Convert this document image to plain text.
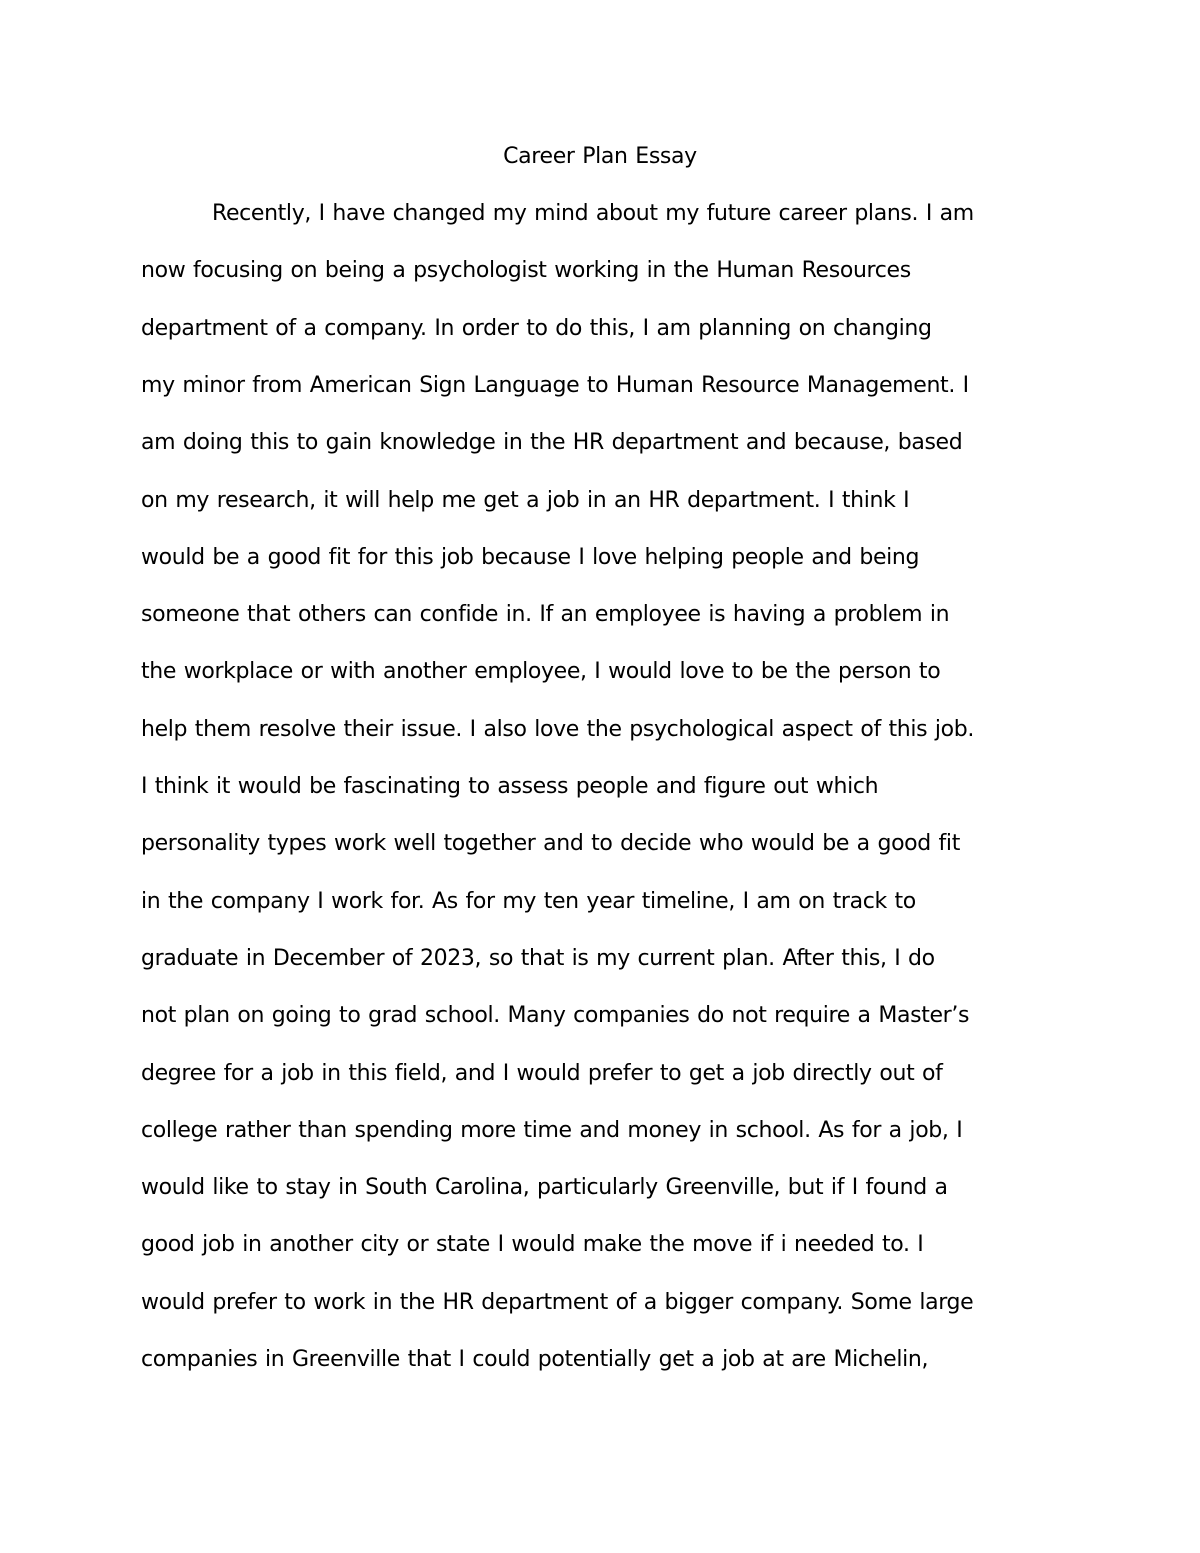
Career Plan Essay
Recently, I have changed my mind about my future career plans. I am
now focusing on being a psychologist working in the Human Resources
department of a company. In order to do this, I am planning on changing
my minor from American Sign Language to Human Resource Management. I
am doing this to gain knowledge in the HR department and because, based
on my research, it will help me get a job in an HR department. I think I
would be a good fit for this job because I love helping people and being
someone that others can confide in. If an employee is having a problem in
the workplace or with another employee, I would love to be the person to
help them resolve their issue. I also love the psychological aspect of this job.
I think it would be fascinating to assess people and figure out which
personality types work well together and to decide who would be a good fit
in the company I work for. As for my ten year timeline, I am on track to
graduate in December of 2023, so that is my current plan. After this, I do
not plan on going to grad school. Many companies do not require a Master’s
degree for a job in this field, and I would prefer to get a job directly out of
college rather than spending more time and money in school. As for a job, I
would like to stay in South Carolina, particularly Greenville, but if I found a
good job in another city or state I would make the move if i needed to. I
would prefer to work in the HR department of a bigger company. Some large
companies in Greenville that I could potentially get a job at are Michelin,
